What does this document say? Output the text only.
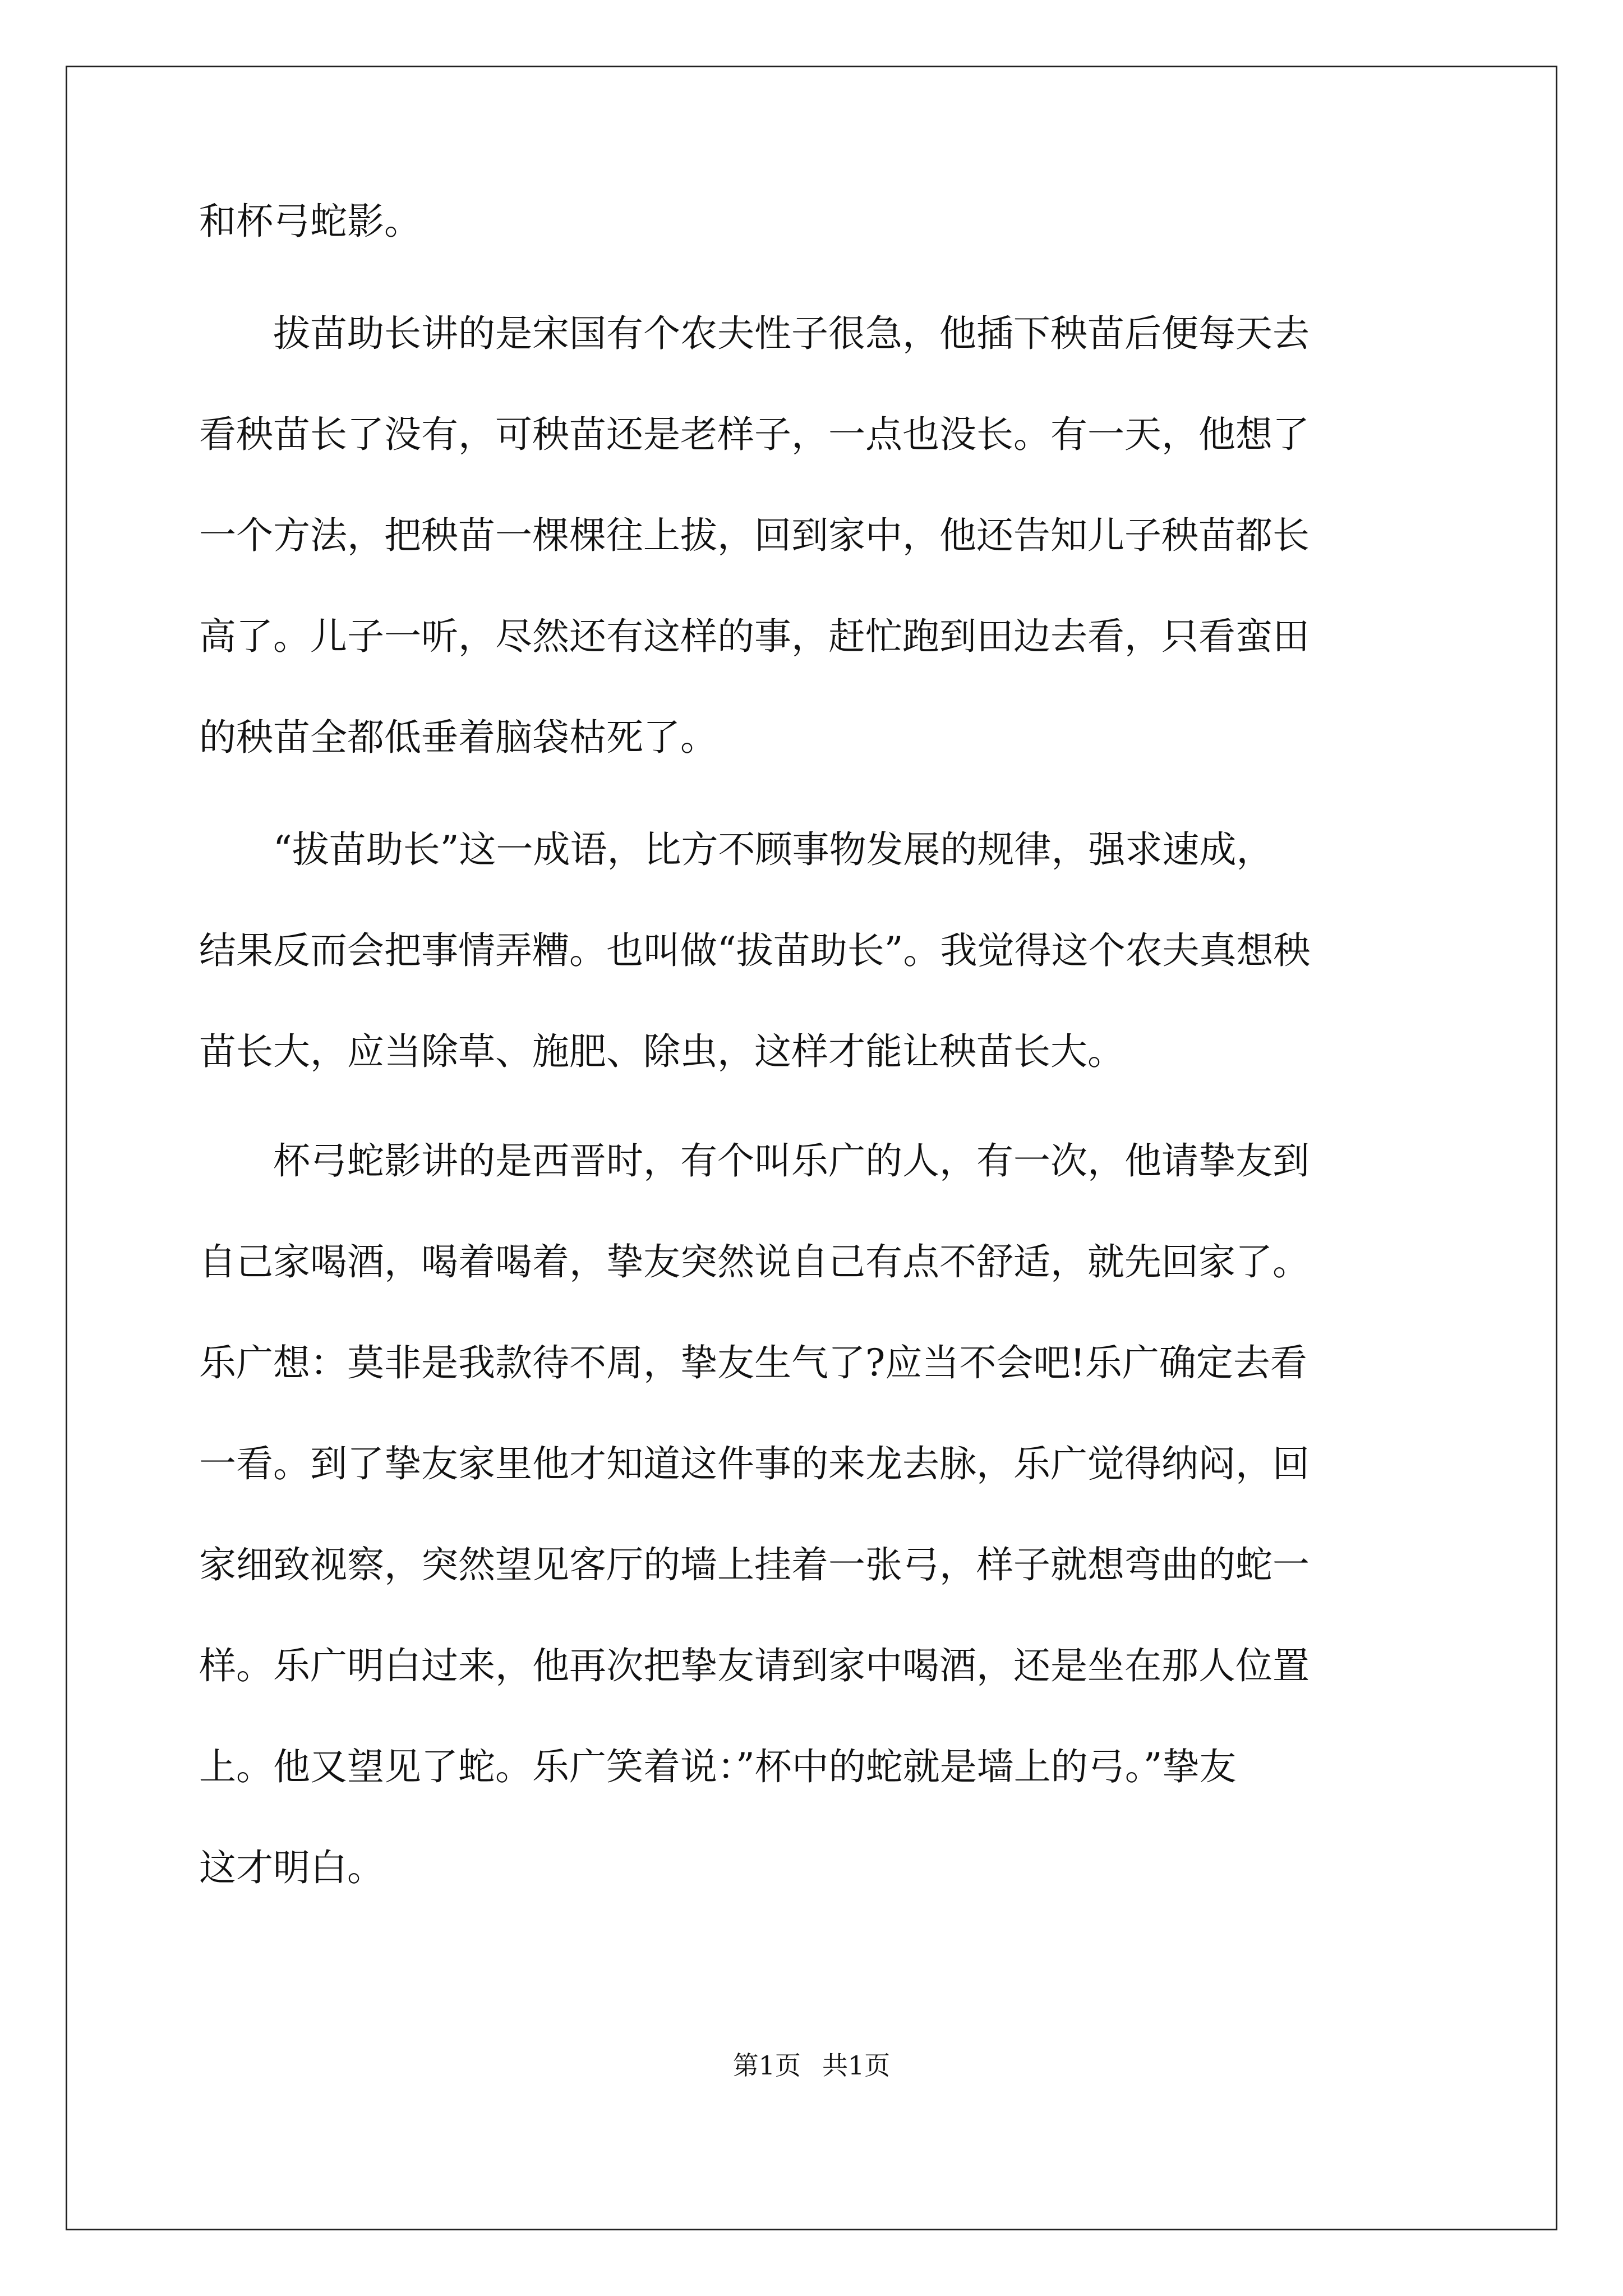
和杯弓蛇影。
　　拔苗助长讲的是宋国有个农夫性子很急，他插下秧苗后便每天去
看秧苗长了没有，可秧苗还是老样子，一点也没长。有一天，他想了
一个方法，把秧苗一棵棵往上拔，回到家中，他还告知儿子秧苗都长
高了。儿子一听，尽然还有这样的事，赶忙跑到田边去看，只看蛮田
的秧苗全都低垂着脑袋枯死了。
　　“拔苗助长”这一成语，比方不顾事物发展的规律，强求速成，
结果反而会把事情弄糟。也叫做“拔苗助长”。我觉得这个农夫真想秧
苗长大，应当除草、施肥、除虫，这样才能让秧苗长大。
　　杯弓蛇影讲的是西晋时，有个叫乐广的人，有一次，他请挚友到
自己家喝酒，喝着喝着，挚友突然说自己有点不舒适，就先回家了。
乐广想：莫非是我款待不周，挚友生气了?应当不会吧!乐广确定去看
一看。到了挚友家里他才知道这件事的来龙去脉，乐广觉得纳闷，回
家细致视察，突然望见客厅的墙上挂着一张弓，样子就想弯曲的蛇一
样。乐广明白过来，他再次把挚友请到家中喝酒，还是坐在那人位置
上。他又望见了蛇。乐广笑着说：”杯中的蛇就是墙上的弓。”挚友
这才明白。
第1页 共1页
